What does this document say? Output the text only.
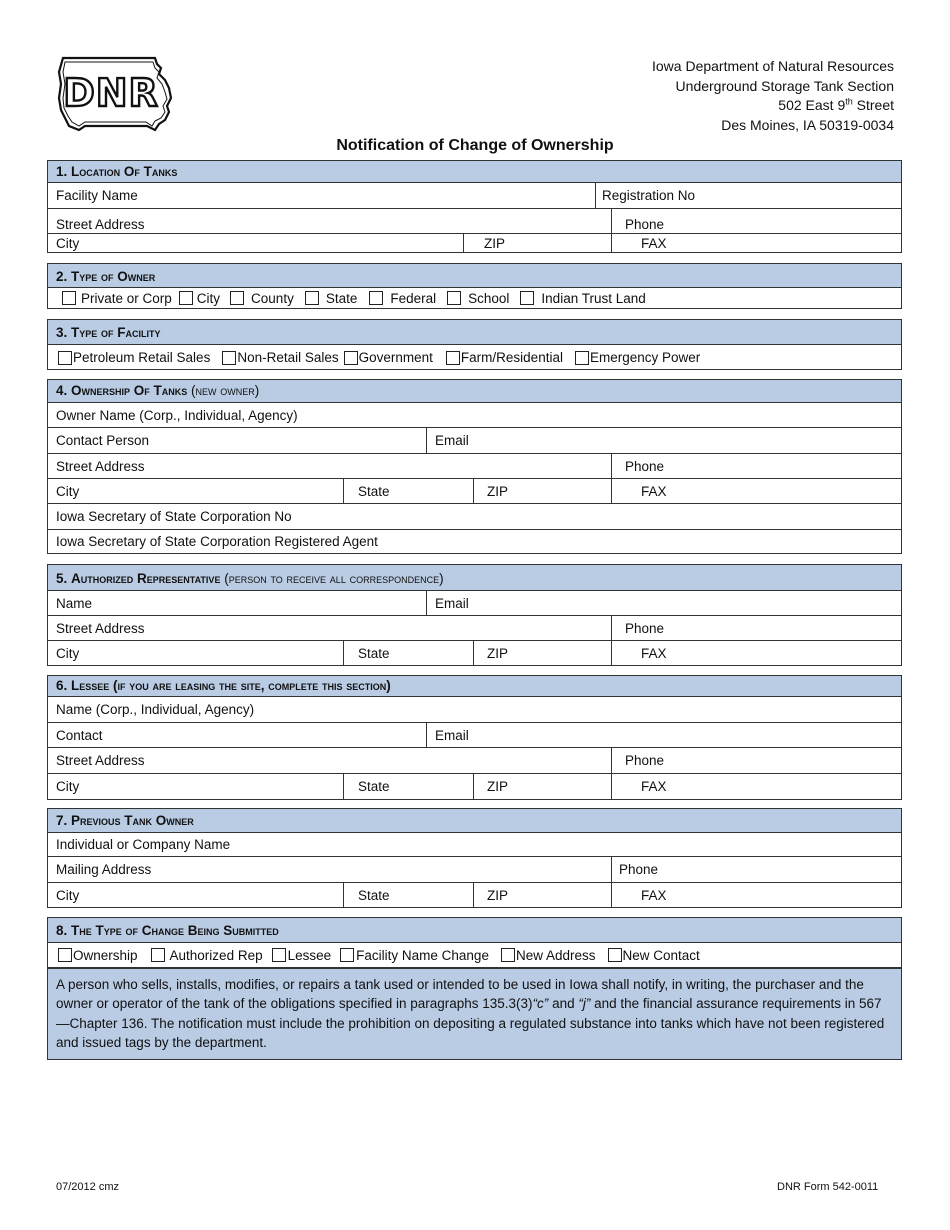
DNR
Iowa Department of Natural Resources
Underground Storage Tank Section
502 East 9th Street
Des Moines, IA 50319-0034
Notification of Change of Ownership
1. Location Of Tanks
Facility Name	Registration No
Street Address	Phone
City	ZIP	FAX
2. Type of Owner
Private or Corp City County State Federal School Indian Trust Land
3. Type of Facility
Petroleum Retail Sales Non-Retail Sales Government Farm/Residential Emergency Power
4. Ownership Of Tanks (new owner)
Owner Name (Corp., Individual, Agency)
Contact Person	Email
Street Address	Phone
City	State	ZIP	FAX
Iowa Secretary of State Corporation No
Iowa Secretary of State Corporation Registered Agent
5. Authorized Representative (person to receive all correspondence)
Name	Email
Street Address	Phone
City	State	ZIP	FAX
6. Lessee (if you are leasing the site, complete this section)
Name (Corp., Individual, Agency)
Contact	Email
Street Address	Phone
City	State	ZIP	FAX
7. Previous Tank Owner
Individual or Company Name
Mailing Address	Phone
City	State	ZIP	FAX
8. The Type of Change Being Submitted
Ownership Authorized Rep Lessee Facility Name Change New Address New Contact
A person who sells, installs, modifies, or repairs a tank used or intended to be used in Iowa shall notify, in writing, the purchaser and the owner or operator of the tank of the obligations specified in paragraphs 135.3(3)“c” and “j” and the financial assurance requirements in 567—Chapter 136. The notification must include the prohibition on depositing a regulated substance into tanks which have not been registered and issued tags by the department.
07/2012 cmz	DNR Form 542-0011
